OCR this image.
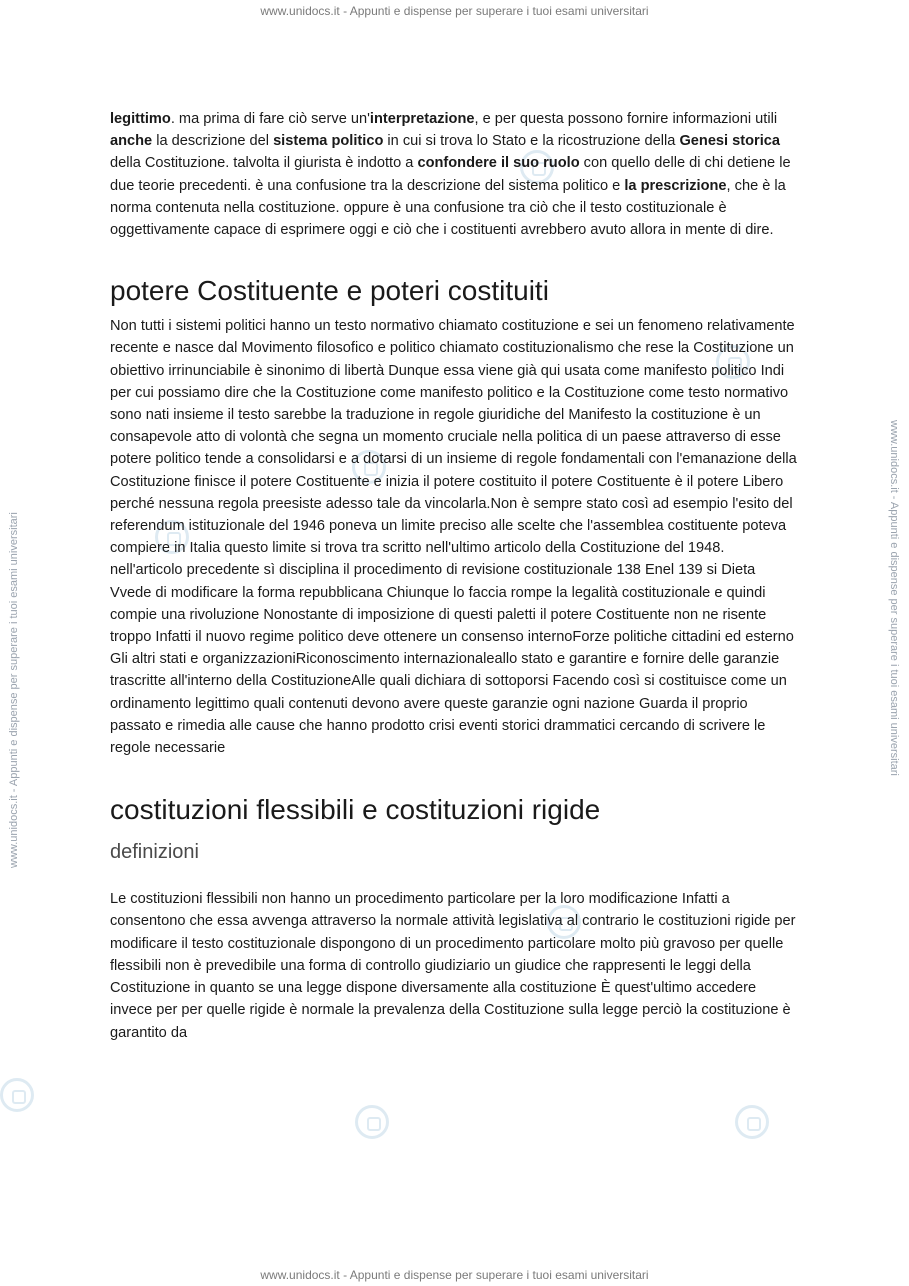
www.unidocs.it - Appunti e dispense per superare i tuoi esami universitari
www.unidocs.it - Appunti e dispense per superare i tuoi esami universitari	www.unidocs.it - Appunti e dispense per superare i tuoi esami universitari

legittimo. ma prima di fare ciò serve un'interpretazione, e per questa possono fornire informazioni utili anche la descrizione del sistema politico in cui si trova lo Stato e la ricostruzione della Genesi storica della Costituzione. talvolta il giurista è indotto a confondere il suo ruolo con quello delle di chi detiene le due teorie precedenti. è una confusione tra la descrizione del sistema politico e la prescrizione, che è la norma contenuta nella costituzione. oppure è una confusione tra ciò che il testo costituzionale è oggettivamente capace di esprimere oggi e ciò che i costituenti avrebbero avuto allora in mente di dire.

potere Costituente e poteri costituiti

Non tutti i sistemi politici hanno un testo normativo chiamato costituzione e sei un fenomeno relativamente recente e nasce dal Movimento filosofico e politico chiamato costituzionalismo che rese la Costituzione un obiettivo irrinunciabile è sinonimo di libertà Dunque essa viene già qui usata come manifesto politico Indi per cui possiamo dire che la Costituzione come manifesto politico e la Costituzione come testo normativo sono nati insieme il testo sarebbe la traduzione in regole giuridiche del Manifesto la costituzione è un consapevole atto di volontà che segna un momento cruciale nella politica di un paese attraverso di esse potere politico tende a consolidarsi e a dotarsi di un insieme di regole fondamentali con l'emanazione della Costituzione finisce il potere Costituente e inizia il potere costituito il potere Costituente è il potere Libero perché nessuna regola preesiste adesso tale da vincolarla.Non è sempre stato così ad esempio l'esito del referendum istituzionale del 1946 poneva un limite preciso alle scelte che l'assemblea costituente poteva compiere in Italia questo limite si trova tra scritto nell'ultimo articolo della Costituzione del 1948. nell'articolo precedente sì disciplina il procedimento di revisione costituzionale 138 Enel 139 si Dieta Vvede di modificare la forma repubblicana Chiunque lo faccia rompe la legalità costituzionale e quindi compie una rivoluzione Nonostante di imposizione di questi paletti il potere Costituente non ne risente troppo Infatti il nuovo regime politico deve ottenere un consenso internoForze politiche cittadini ed esterno Gli altri stati e organizzazioniRiconoscimento internazionaleallo stato e garantire e fornire delle garanzie trascritte all'interno della CostituzioneAlle quali dichiara di sottoporsi Facendo così si costituisce come un ordinamento legittimo quali contenuti devono avere queste garanzie ogni nazione Guarda il proprio passato e rimedia alle cause che hanno prodotto crisi eventi storici drammatici cercando di scrivere le regole necessarie

costituzioni flessibili e costituzioni rigide
definizioni

Le costituzioni flessibili non hanno un procedimento particolare per la loro modificazione Infatti a consentono che essa avvenga attraverso la normale attività legislativa al contrario le costituzioni rigide per modificare il testo costituzionale dispongono di un procedimento particolare molto più gravoso per quelle flessibili non è prevedibile una forma di controllo giudiziario un giudice che rappresenti le leggi della Costituzione in quanto se una legge dispone diversamente alla costituzione È quest'ultimo accedere invece per per quelle rigide è normale la prevalenza della Costituzione sulla legge perciò la costituzione è garantito da

www.unidocs.it - Appunti e dispense per superare i tuoi esami universitari
